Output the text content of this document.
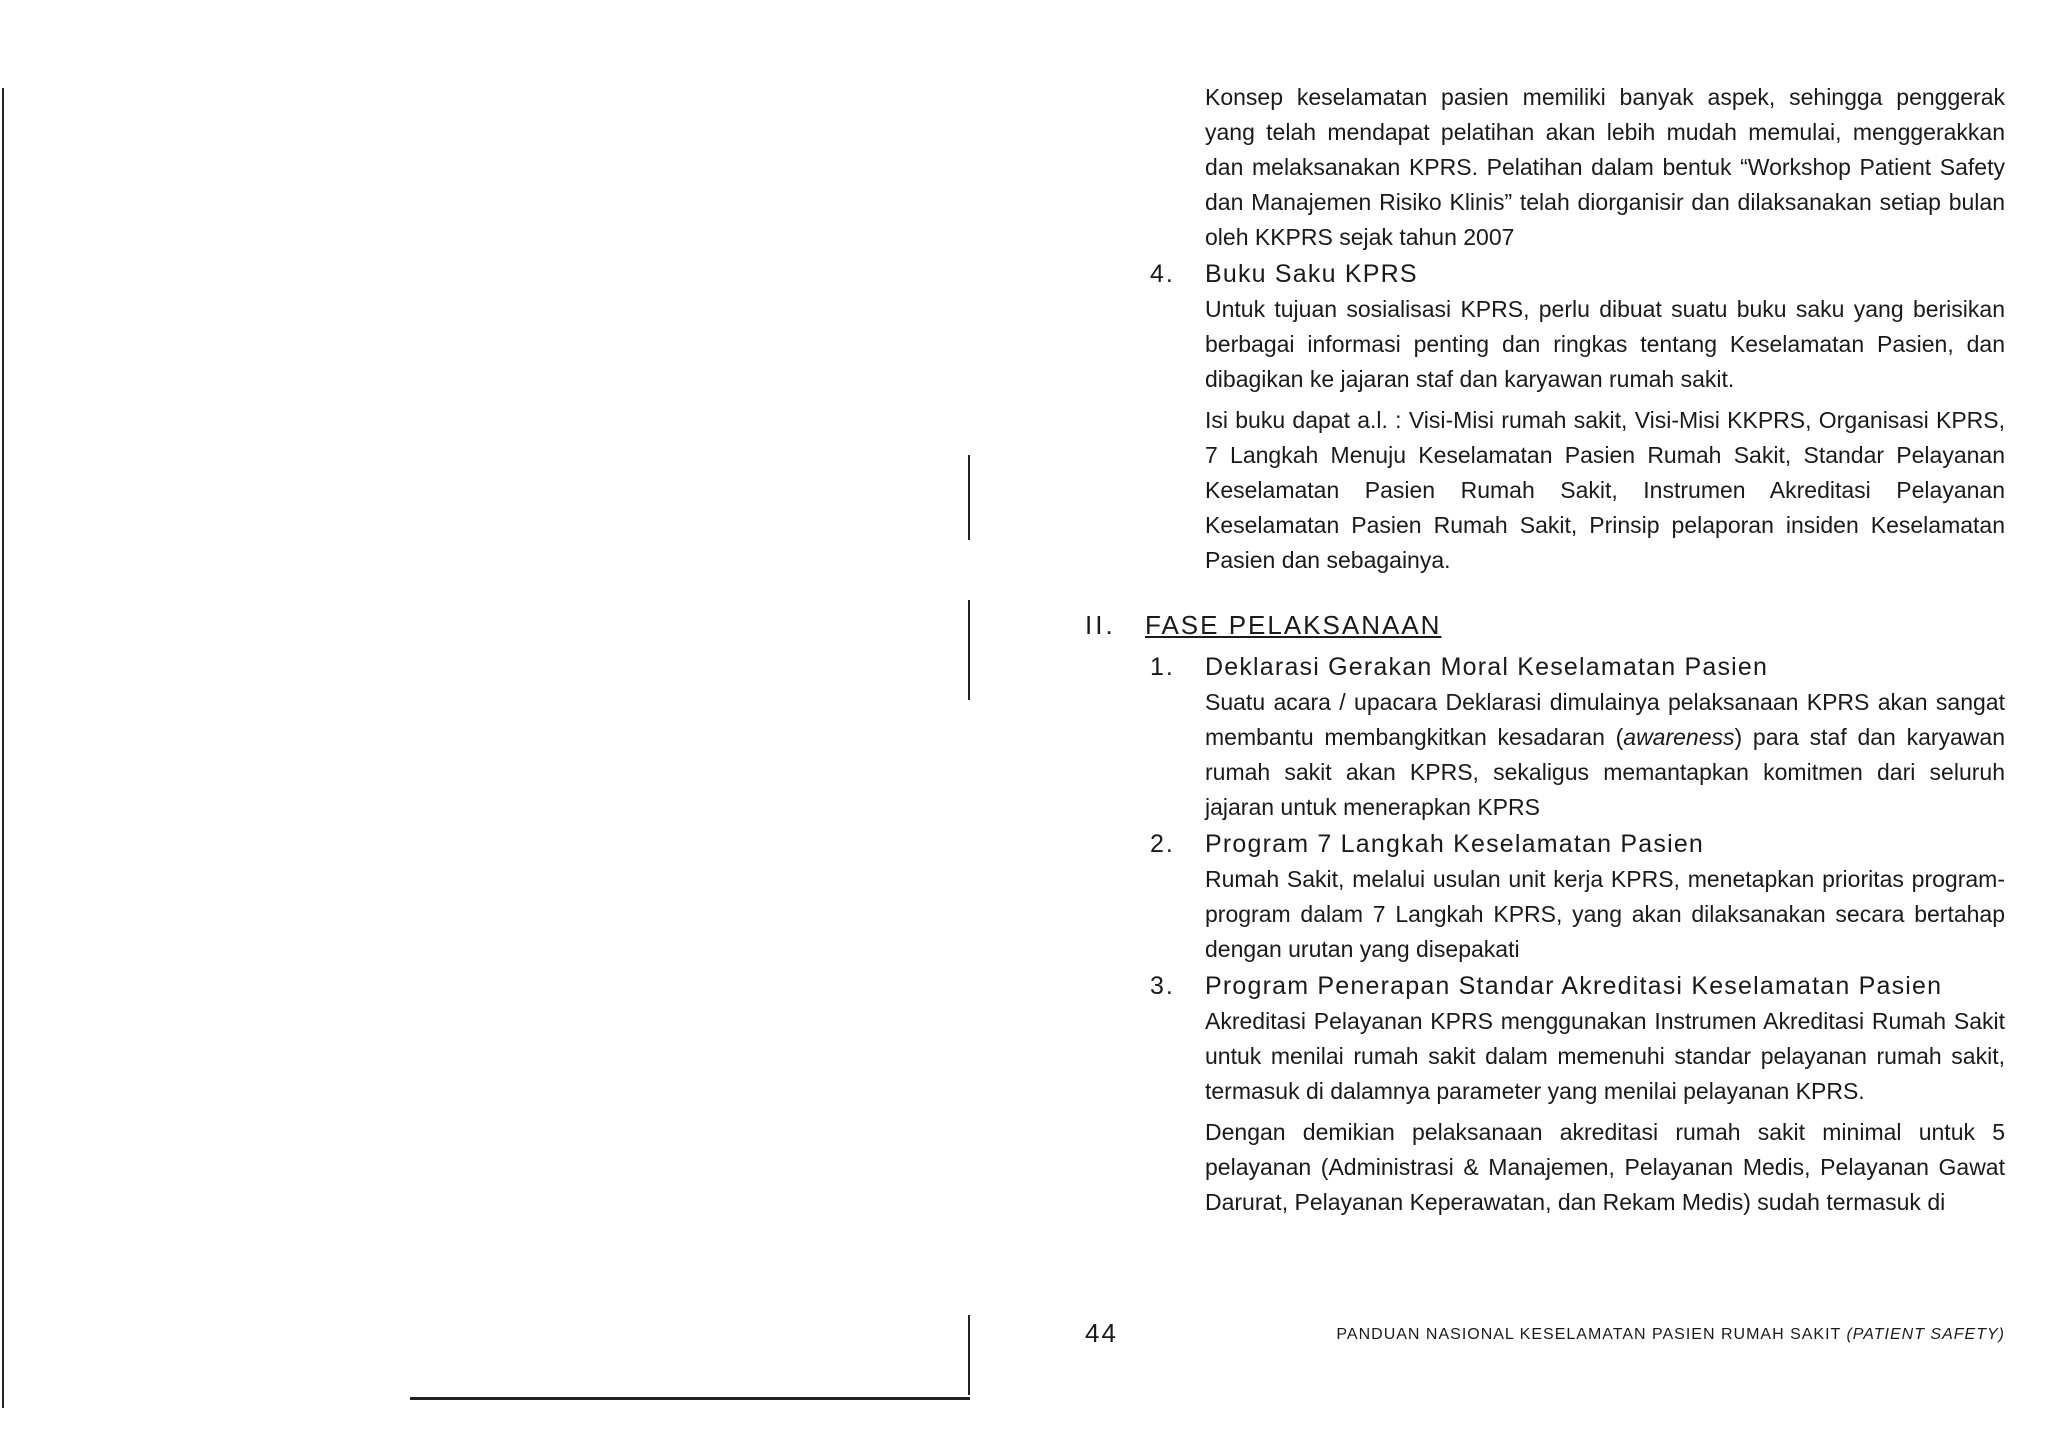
Konsep keselamatan pasien memiliki banyak aspek, sehingga penggerak yang telah mendapat pelatihan akan lebih mudah memulai, menggerakkan dan melaksanakan KPRS. Pelatihan dalam bentuk “Workshop Patient Safety dan Manajemen Risiko Klinis” telah diorganisir dan dilaksanakan setiap bulan oleh KKPRS sejak tahun 2007

4. Buku Saku KPRS

Untuk tujuan sosialisasi KPRS, perlu dibuat suatu buku saku yang berisikan berbagai informasi penting dan ringkas tentang Keselamatan Pasien, dan dibagikan ke jajaran staf dan karyawan rumah sakit.

Isi buku dapat a.l. : Visi-Misi rumah sakit, Visi-Misi KKPRS, Organisasi KPRS, 7 Langkah Menuju Keselamatan Pasien Rumah Sakit, Standar Pelayanan Keselamatan Pasien Rumah Sakit, Instrumen Akreditasi Pelayanan Keselamatan Pasien Rumah Sakit, Prinsip pelaporan insiden Keselamatan Pasien dan sebagainya.

II. FASE PELAKSANAAN
1. Deklarasi Gerakan Moral Keselamatan Pasien

Suatu acara / upacara Deklarasi dimulainya pelaksanaan KPRS akan sangat membantu membangkitkan kesadaran (awareness) para staf dan karyawan rumah sakit akan KPRS, sekaligus memantapkan komitmen dari seluruh jajaran untuk menerapkan KPRS

2. Program 7 Langkah Keselamatan Pasien

Rumah Sakit, melalui usulan unit kerja KPRS, menetapkan prioritas program-program dalam 7 Langkah KPRS, yang akan dilaksanakan secara bertahap dengan urutan yang disepakati

3. Program Penerapan Standar Akreditasi Keselamatan Pasien

Akreditasi Pelayanan KPRS menggunakan Instrumen Akreditasi Rumah Sakit untuk menilai rumah sakit dalam memenuhi standar pelayanan rumah sakit, termasuk di dalamnya parameter yang menilai pelayanan KPRS.

Dengan demikian pelaksanaan akreditasi rumah sakit minimal untuk 5 pelayanan (Administrasi & Manajemen, Pelayanan Medis, Pelayanan Gawat Darurat, Pelayanan Keperawatan, dan Rekam Medis) sudah termasuk di

44	PANDUAN NASIONAL KESELAMATAN PASIEN RUMAH SAKIT (PATIENT SAFETY)
